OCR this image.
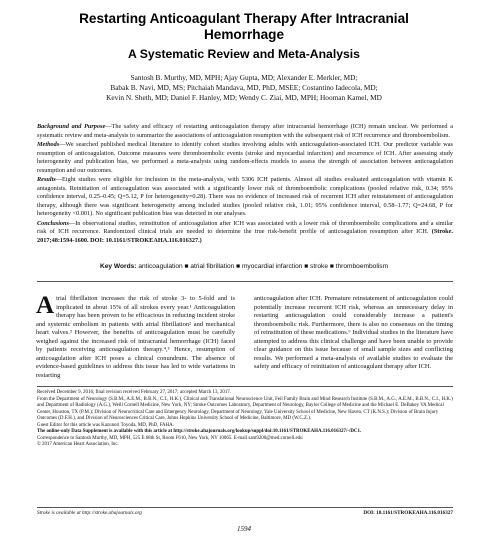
Restarting Anticoagulant Therapy After Intracranial
Hemorrhage
A Systematic Review and Meta-Analysis
Santosh B. Murthy, MD, MPH; Ajay Gupta, MD; Alexander E. Merkler, MD;
Babak B. Navi, MD, MS; Pitchaiah Mandava, MD, PhD, MSEE; Costantino Iadecola, MD;
Kevin N. Sheth, MD; Daniel F. Hanley, MD; Wendy C. Ziai, MD, MPH; Hooman Kamel, MD

Background and Purpose—The safety and efficacy of restarting anticoagulation therapy after intracranial hemorrhage (ICH) remain unclear. We performed a systematic review and meta-analysis to summarize the associations of anticoagulation resumption with the subsequent risk of ICH recurrence and thromboembolism.

Methods—We searched published medical literature to identify cohort studies involving adults with anticoagulation-associated ICH. Our predictor variable was resumption of anticoagulation. Outcome measures were thromboembolic events (stroke and myocardial infarction) and recurrence of ICH. After assessing study heterogeneity and publication bias, we performed a meta-analysis using random-effects models to assess the strength of association between anticoagulation resumption and our outcomes.

Results—Eight studies were eligible for inclusion in the meta-analysis, with 5306 ICH patients. Almost all studies evaluated anticoagulation with vitamin K antagonists. Reinitiation of anticoagulation was associated with a significantly lower risk of thromboembolic complications (pooled relative risk, 0.34; 95% confidence interval, 0.25–0.45; Q=5.12, P for heterogeneity=0.28). There was no evidence of increased risk of recurrent ICH after reinstatement of anticoagulation therapy, although there was significant heterogeneity among included studies (pooled relative risk, 1.01; 95% confidence interval, 0.58–1.77; Q=24.68, P for heterogeneity <0.001). No significant publication bias was detected in our analyses.

Conclusions—In observational studies, reinstitution of anticoagulation after ICH was associated with a lower risk of thromboembolic complications and a similar risk of ICH recurrence. Randomized clinical trials are needed to determine the true risk-benefit profile of anticoagulation resumption after ICH. (Stroke. 2017;48:1594-1600. DOI: 10.1161/STROKEAHA.116.016327.)

Key Words: anticoagulation ■ atrial fibrillation ■ myocardial infarction ■ stroke ■ thromboembolism
Atrial fibrillation increases the risk of stroke 3- to 5-fold and is implicated in about 15% of all strokes every year.¹ Anticoagulation therapy has been proven to be efficacious in reducing incident stroke and systemic embolism in patients with atrial fibrillation² and mechanical heart valves.³ However, the benefits of anticoagulation must be carefully weighed against the increased risk of intracranial hemorrhage (ICH) faced by patients receiving anticoagulation therapy.⁴,⁵ Hence, resumption of anticoagulation after ICH poses a clinical conundrum. The absence of evidence-based guidelines to address this issue has led to wide variations in restarting
anticoagulation after ICH. Premature reinstatement of anticoagulation could potentially increase recurrent ICH risk, whereas an unnecessary delay in restarting anticoagulation could considerably increase a patient's thromboembolic risk. Furthermore, there is also no consensus on the timing of reinstitution of these medications.⁶ Individual studies in the literature have attempted to address this clinical challenge and have been unable to provide clear guidance on this issue because of small sample sizes and conflicting results. We performed a meta-analysis of available studies to evaluate the safety and efficacy of reinitiation of anticoagulant therapy after ICH.

Received December 9, 2016; final revision received February 27, 2017; accepted March 13, 2017.

From the Department of Neurology (S.B.M., A.E.M., B.B.N., C.I., H.K.), Clinical and Translational Neuroscience Unit, Feil Family Brain and Mind Research Institute (S.B.M., A.G., A.E.M., B.B.N., C.I., H.K.) and Department of Radiology (A.G.), Weill Cornell Medicine, New York, NY; Stroke Outcomes Laboratory, Department of Neurology, Baylor College of Medicine and the Michael E. DeBakey VA Medical Center, Houston, TX (P.M.); Division of Neurocritical Care and Emergency Neurology, Department of Neurology, Yale University School of Medicine, New Haven, CT (K.N.S.); Division of Brain Injury Outcomes (D.F.H.), and Division of Neurosciences Critical Care, Johns Hopkins University School of Medicine, Baltimore, MD (W.C.Z.).

Guest Editor for this article was Kazunori Toyoda, MD, PhD, FAHA.

The online-only Data Supplement is available with this article at http://stroke.ahajournals.org/lookup/suppl/doi:10.1161/STROKEAHA.116.016327/-/DC1.

Correspondence to Santosh Murthy, MD, MPH, 525 E 68th St, Room F610, New York, NY 10065. E-mail sam9200@med.cornell.edu

© 2017 American Heart Association, Inc.

Stroke is available at http://stroke.ahajournals.org	DOI: 10.1161/STROKEAHA.116.016327
1594
